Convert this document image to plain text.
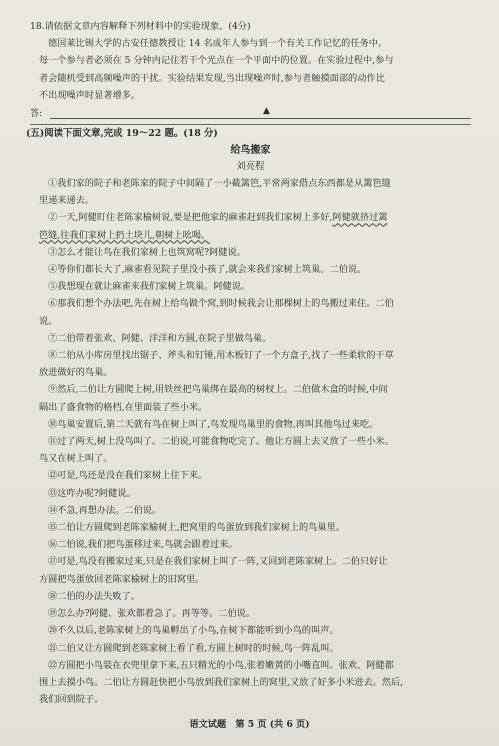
18.请依据文章内容解释下列材料中的实验现象。(4分)
德国莱比锡大学的古安任德教授让 14 名成年人参与到一个有关工作记忆的任务中。
每一个参与者必须在 5 分钟内记住若干个光点在一个平面中的位置。在实验过程中,参与
者会随机受到高频噪声的干扰。实验结果发现,当出现噪声时,参与者触摸面部的动作比
不出现噪声时显著增多。
答:	▲
(五)阅读下面文章,完成 19～22 题。(18 分)
给鸟搬家
刘亮程
①我们家的院子和老陈家的院子中间隔了一小截篱笆,平常两家借点东西都是从篱笆缝
里递来递去。
②一天,阿健盯住老陈家榆树说,要是把他家的麻雀赶到我们家树上多好,阿健就挤过篱
笆缝,往我们家树上扔土块儿,朝树上吆喝。
③怎么才能让鸟在我们家树上也筑窝呢?阿健说。
④等你们都长大了,麻雀看见院子里没小孩了,就会来我们家树上筑巢。二伯说。
⑤我想现在就让麻雀来我们家树上筑巢。阿健说。
⑥那我们想个办法吧,先在树上给鸟做个窝,到时候我会让那棵树上的鸟搬过来住。二伯
说。
⑦二伯带着张欢、阿健、洋洋和方圆,在院子里做鸟巢。
⑧二伯从小库房里找出锯子、斧头和钉锤,用木板钉了一个方盒子,找了一些柔软的干草
放进做好的鸟巢。
⑨然后,二伯让方圆爬上树,用铁丝把鸟巢绑在最高的树杈上。二伯做木盒的时候,中间
隔出了盛食物的格档,在里面装了些小米。
⑩鸟巢安置后,第二天就有鸟在树上叫了,鸟发现鸟巢里的食物,再叫其他鸟过来吃。
⑪过了两天,树上没鸟叫了。二伯说,可能食物吃完了。他让方圆上去又放了一些小米。
鸟又在树上叫了。
⑫可是,鸟还是没在我们家树上住下来。
⑬这咋办呢?阿健说。
⑭不急,再想办法。二伯说。
⑮二伯让方圆爬到老陈家榆树上,把窝里的鸟蛋放到我们家树上的鸟巢里。
⑯二伯说,我们把鸟蛋移过来,鸟就会跟着过来。
⑰可是,鸟没有搬家过来,只是在我们家树上叫了一阵,又回到老陈家树上。二伯只好让
方圆把鸟蛋放回老陈家榆树上的旧窝里。
⑱二伯的办法失败了。
⑲怎么办?阿健、张欢都着急了。再等等。二伯说。
⑳不久以后,老陈家树上的鸟巢孵出了小鸟,在树下都能听到小鸟的叫声。
㉑二伯又让方圆爬到老陈家树上看了看,方圆上树时的时候,鸟一阵乱叫。
㉒方圆把小鸟装在衣兜里拿下来,五只精光的小鸟,张着嫩黄的小嘴直叫。张欢、阿健都
围上去摸小鸟。二伯让方圆赶快把小鸟放到我们家树上的窝里,又放了好多小米进去。然后,
我们回到院子。
语文试题　第 5 页 (共 6 页)
